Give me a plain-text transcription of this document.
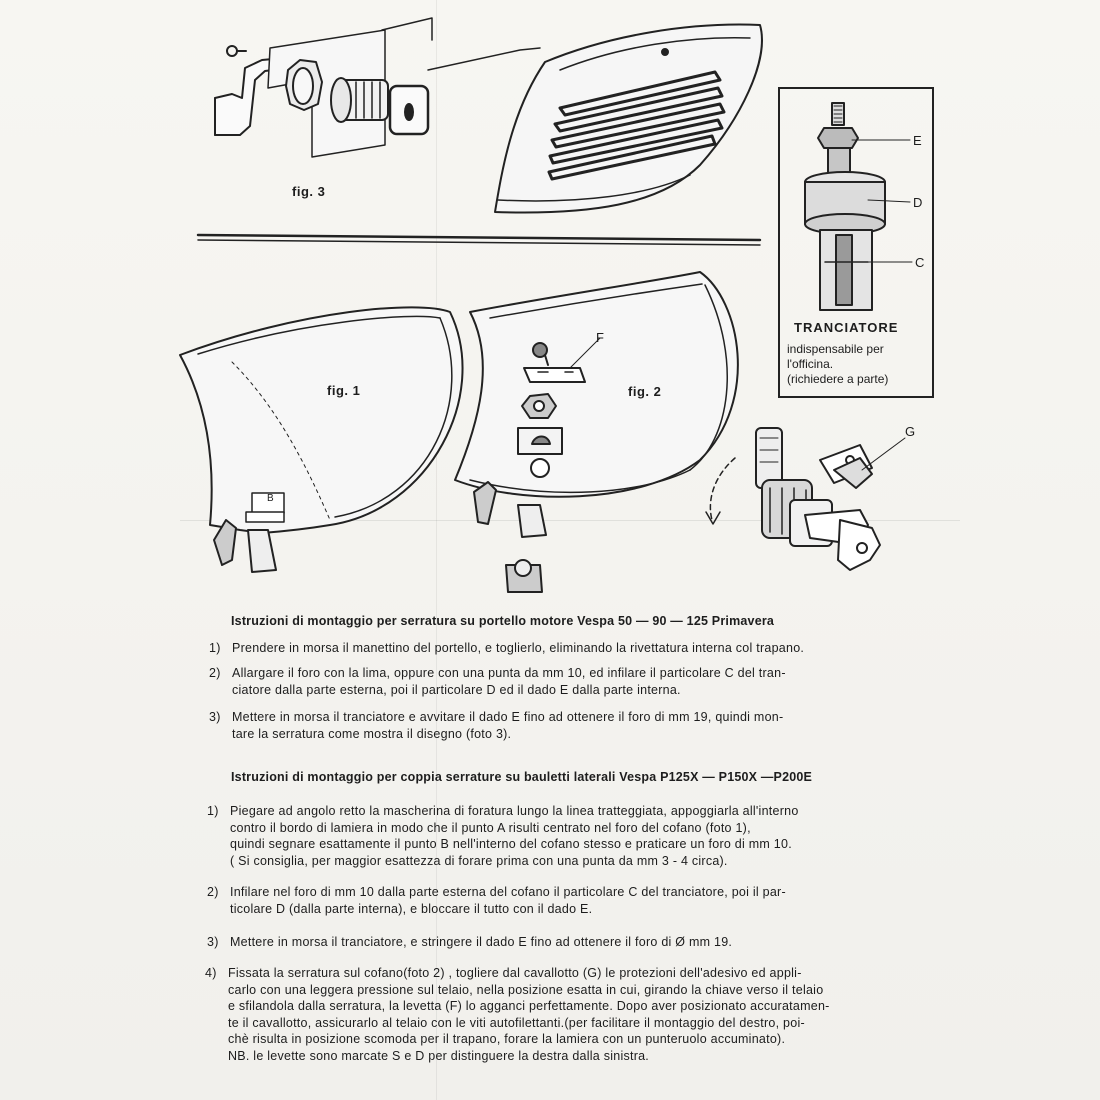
fig. 3
fig. 1	fig. 2
B
E
D
C
F
G
TRANCIATORE
indispensabile per
l'officina.
(richiedere a parte)
Istruzioni di montaggio per serratura su portello motore Vespa 50 — 90 — 125 Primavera
1) Prendere in morsa il manettino del portello, e toglierlo, eliminando la rivettatura interna col trapano.
2) Allargare il foro con la lima, oppure con una punta da mm 10, ed infilare il particolare C del tran-
ciatore dalla parte esterna, poi il particolare D ed il dado E dalla parte interna.
3) Mettere in morsa il tranciatore e avvitare il dado E fino ad ottenere il foro di mm 19, quindi mon-
tare la serratura come mostra il disegno (foto 3).
Istruzioni di montaggio per coppia serrature su bauletti laterali Vespa P125X — P150X —P200E
1) Piegare ad angolo retto la mascherina di foratura lungo la linea tratteggiata, appoggiarla all'interno
contro il bordo di lamiera in modo che il punto A risulti centrato nel foro del cofano (foto 1),
quindi segnare esattamente il punto B nell'interno del cofano stesso e praticare un foro di mm 10.
( Si consiglia, per maggior esattezza di forare prima con una punta da mm 3 - 4 circa).
2) Infilare nel foro di mm 10 dalla parte esterna del cofano il particolare C del tranciatore, poi il par-
ticolare D (dalla parte interna), e bloccare il tutto con il dado E.
3) Mettere in morsa il tranciatore, e stringere il dado E fino ad ottenere il foro di Ø mm 19.
4) Fissata la serratura sul cofano(foto 2) , togliere dal cavallotto (G) le protezioni dell'adesivo ed appli-
carlo con una leggera pressione sul telaio, nella posizione esatta in cui, girando la chiave verso il telaio
e sfilandola dalla serratura, la levetta (F) lo agganci perfettamente. Dopo aver posizionato accuratamen-
te il cavallotto, assicurarlo al telaio con le viti autofilettanti.(per facilitare il montaggio del destro, poi-
chè risulta in posizione scomoda per il trapano, forare la lamiera con un punteruolo accuminato).
NB. le levette sono marcate S e D per distinguere la destra dalla sinistra.
